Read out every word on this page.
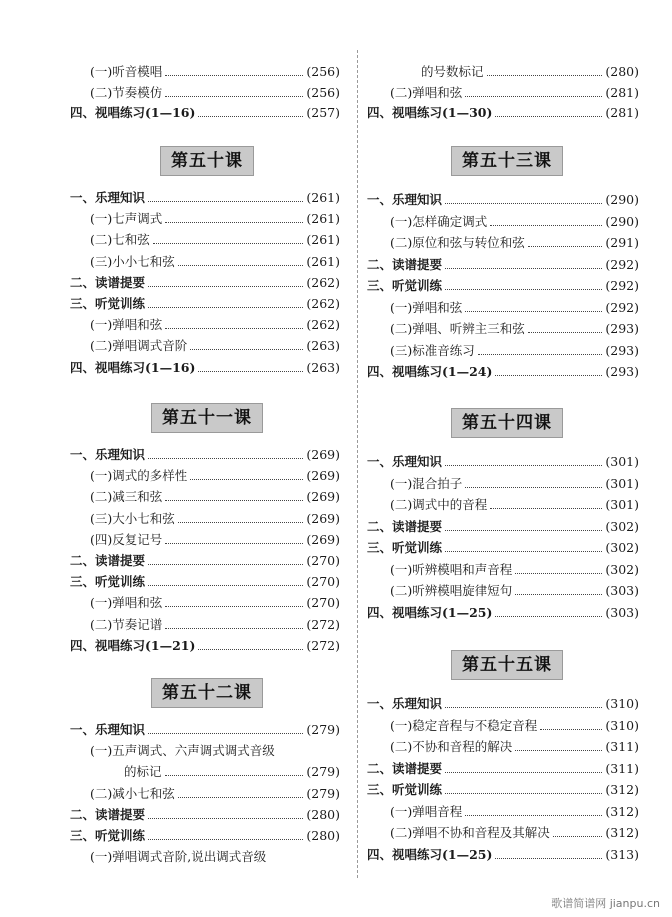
(一)听音模唱	(256)
(二)节奏模仿	(256)
四、视唱练习(1—16)	(257)
第五十课
一、乐理知识	(261)
(一)七声调式	(261)
(二)七和弦	(261)
(三)小小七和弦	(261)
二、读谱提要	(262)
三、听觉训练	(262)
(一)弹唱和弦	(262)
(二)弹唱调式音阶	(263)
四、视唱练习(1—16)	(263)
第五十一课
一、乐理知识	(269)
(一)调式的多样性	(269)
(二)减三和弦	(269)
(三)大小七和弦	(269)
(四)反复记号	(269)
二、读谱提要	(270)
三、听觉训练	(270)
(一)弹唱和弦	(270)
(二)节奏记谱	(272)
四、视唱练习(1—21)	(272)
第五十二课
一、乐理知识	(279)
(一)五声调式、六声调式调式音级
的标记	(279)
(二)减小七和弦	(279)
二、读谱提要	(280)
三、听觉训练	(280)
(一)弹唱调式音阶,说出调式音级
的号数标记	(280)
(二)弹唱和弦	(281)
四、视唱练习(1—30)	(281)
第五十三课
一、乐理知识	(290)
(一)怎样确定调式	(290)
(二)原位和弦与转位和弦	(291)
二、读谱提要	(292)
三、听觉训练	(292)
(一)弹唱和弦	(292)
(二)弹唱、听辨主三和弦	(293)
(三)标准音练习	(293)
四、视唱练习(1—24)	(293)
第五十四课
一、乐理知识	(301)
(一)混合拍子	(301)
(二)调式中的音程	(301)
二、读谱提要	(302)
三、听觉训练	(302)
(一)听辨模唱和声音程	(302)
(二)听辨模唱旋律短句	(303)
四、视唱练习(1—25)	(303)
第五十五课
一、乐理知识	(310)
(一)稳定音程与不稳定音程	(310)
(二)不协和音程的解决	(311)
二、读谱提要	(311)
三、听觉训练	(312)
(一)弹唱音程	(312)
(二)弹唱不协和音程及其解决	(312)
四、视唱练习(1—25)	(313)
歌谱简谱网 jianpu.cn
